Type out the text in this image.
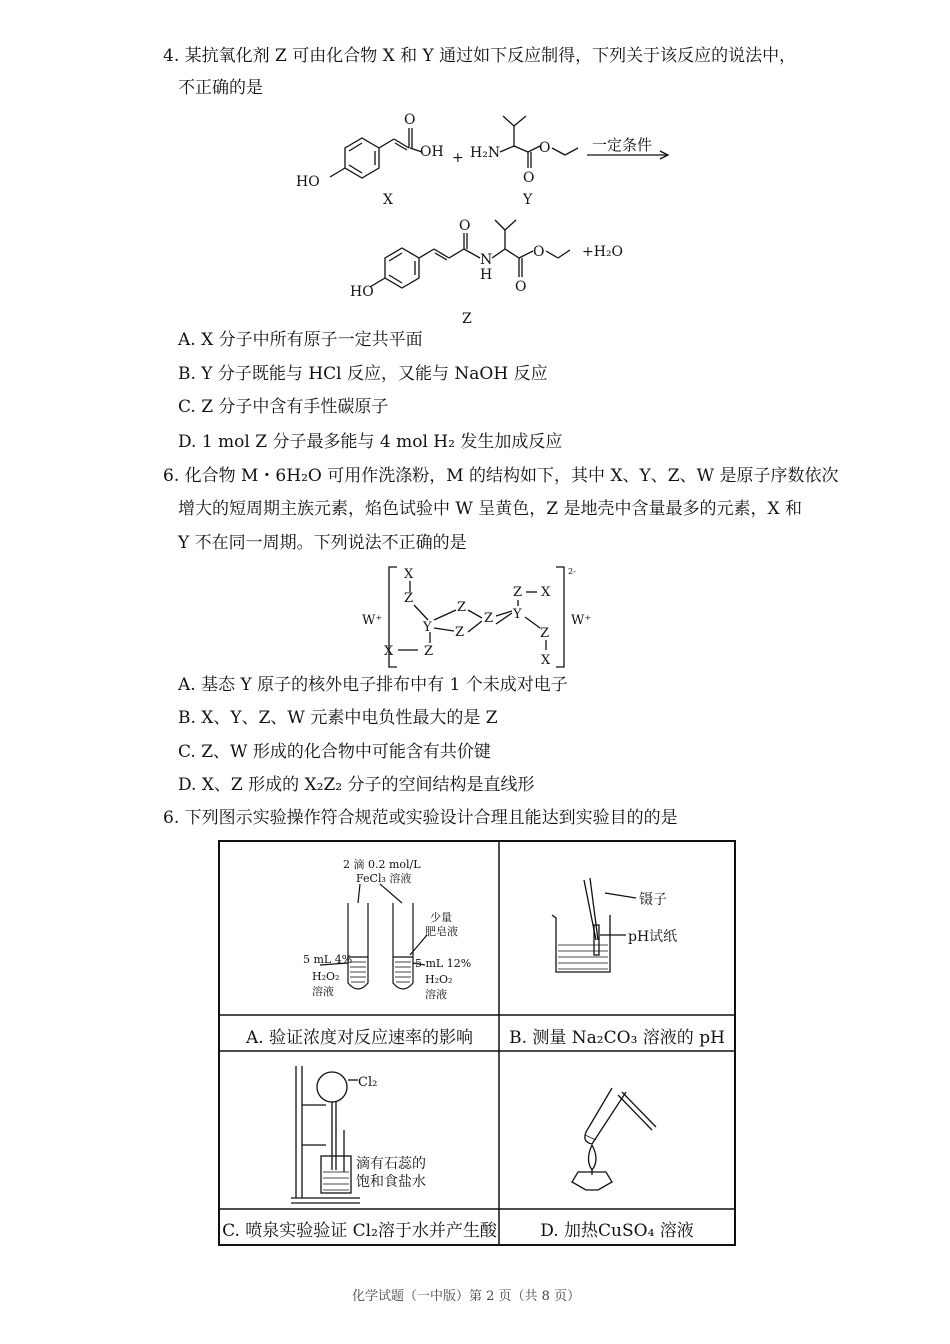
4. 某抗氧化剂 Z 可由化合物 X 和 Y 通过如下反应制得，下列关于该反应的说法中，
不正确的是
OH
O
HO
+ H₂N
O
O	一定条件
X	Y
O
N
H
O
O	+H₂O
HO
Z
A. X 分子中所有原子一定共平面
B. Y 分子既能与 HCl 反应，又能与 NaOH 反应
C. Z 分子中含有手性碳原子
D. 1 mol Z 分子最多能与 4 mol H₂ 发生加成反应
6. 化合物 M・6H₂O 可用作洗涤粉，M 的结构如下，其中 X、Y、Z、W 是原子序数依次
增大的短周期主族元素，焰色试验中 W 呈黄色，Z 是地壳中含量最多的元素，X 和
Y 不在同一周期。下列说法不正确的是
X
Z
Y
Z
Z
Z Y
Z X
Z
X
X Z
W⁺	W⁺
2-
A. 基态 Y 原子的核外电子排布中有 1 个未成对电子
B. X、Y、Z、W 元素中电负性最大的是 Z
C. Z、W 形成的化合物中可能含有共价键
D. X、Z 形成的 X₂Z₂ 分子的空间结构是直线形
6. 下列图示实验操作符合规范或实验设计合理且能达到实验目的的是
2 滴 0.2 mol/L
FeCl₃ 溶液
少量
肥皂液
5 mL 4%
H₂O₂
溶液
5 mL 12%
H₂O₂
溶液
镊子
pH试纸
Cl₂
滴有石蕊的
饱和食盐水
A. 验证浓度对反应速率的影响	B. 测量 Na₂CO₃ 溶液的 pH
C. 喷泉实验验证 Cl₂溶于水并产生酸	D. 加热CuSO₄ 溶液
化学试题（一中版）第 2 页（共 8 页）
